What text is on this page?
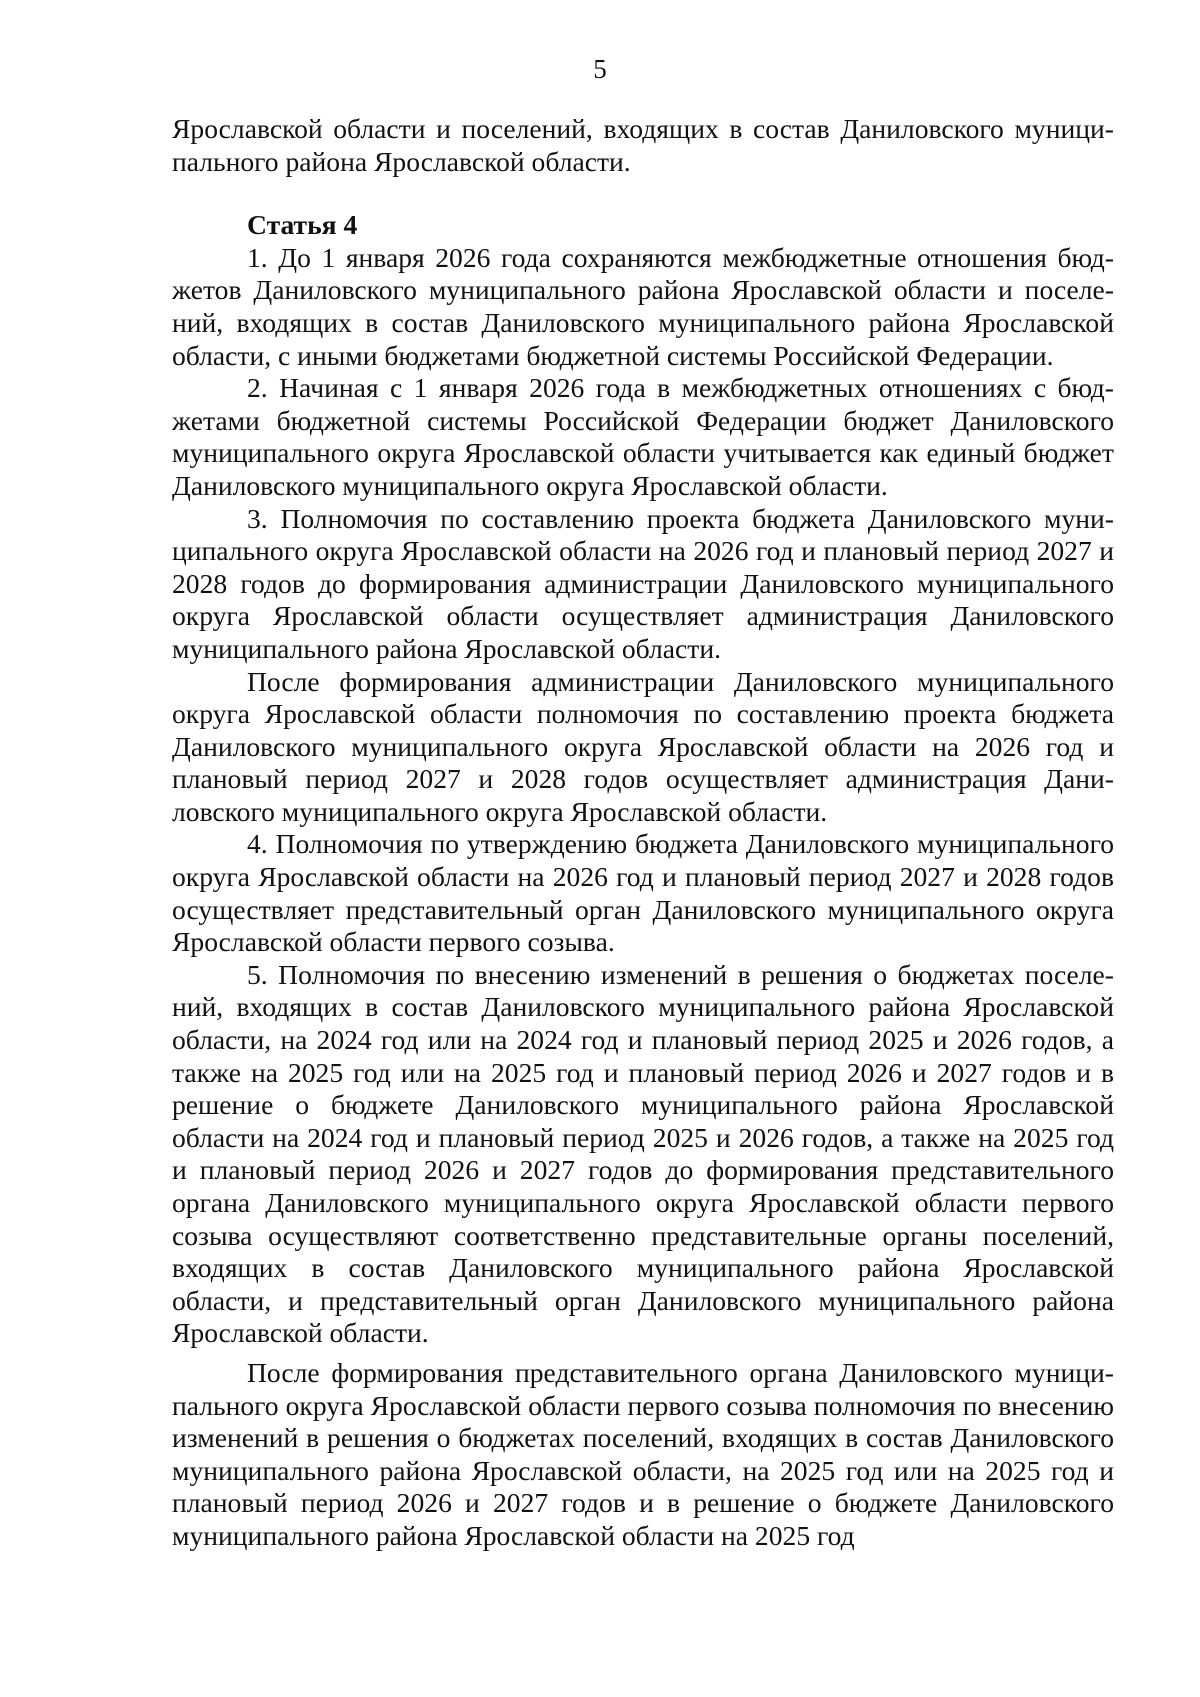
5

Ярославской области и поселений, входящих в состав Даниловского муниципального района Ярославской области.

Статья 4

1. До 1 января 2026 года сохраняются межбюджетные отношения бюджетов Даниловского муниципального района Ярославской области и поселений, входящих в состав Даниловского муниципального района Ярославской области, с иными бюджетами бюджетной системы Российской Федерации.

2. Начиная с 1 января 2026 года в межбюджетных отношениях с бюджетами бюджетной системы Российской Федерации бюджет Даниловского муниципального округа Ярославской области учитывается как единый бюджет Даниловского муниципального округа Ярославской области.

3. Полномочия по составлению проекта бюджета Даниловского муниципального округа Ярославской области на 2026 год и плановый период 2027 и 2028 годов до формирования администрации Даниловского муниципального округа Ярославской области осуществляет администрация Даниловского муниципального района Ярославской области.

После формирования администрации Даниловского муниципального округа Ярославской области полномочия по составлению проекта бюджета Даниловского муниципального округа Ярославской области на 2026 год и плановый период 2027 и 2028 годов осуществляет администрация Даниловского муниципального округа Ярославской области.

4. Полномочия по утверждению бюджета Даниловского муниципального округа Ярославской области на 2026 год и плановый период 2027 и 2028 годов осуществляет представительный орган Даниловского муниципального округа Ярославской области первого созыва.

5. Полномочия по внесению изменений в решения о бюджетах поселений, входящих в состав Даниловского муниципального района Ярославской области, на 2024 год или на 2024 год и плановый период 2025 и 2026 годов, а также на 2025 год или на 2025 год и плановый период 2026 и 2027 годов и в решение о бюджете Даниловского муниципального района Ярославской области на 2024 год и плановый период 2025 и 2026 годов, а также на 2025 год и плановый период 2026 и 2027 годов до формирования представительного органа Даниловского муниципального округа Ярославской области первого созыва осуществляют соответственно представительные органы поселений, входящих в состав Даниловского муниципального района Ярославской области, и представительный орган Даниловского муниципального района Ярославской области.

После формирования представительного органа Даниловского муниципального округа Ярославской области первого созыва полномочия по внесению изменений в решения о бюджетах поселений, входящих в состав Даниловского муниципального района Ярославской области, на 2025 год или на 2025 год и плановый период 2026 и 2027 годов и в решение о бюджете Даниловского муниципального района Ярославской области на 2025 год
